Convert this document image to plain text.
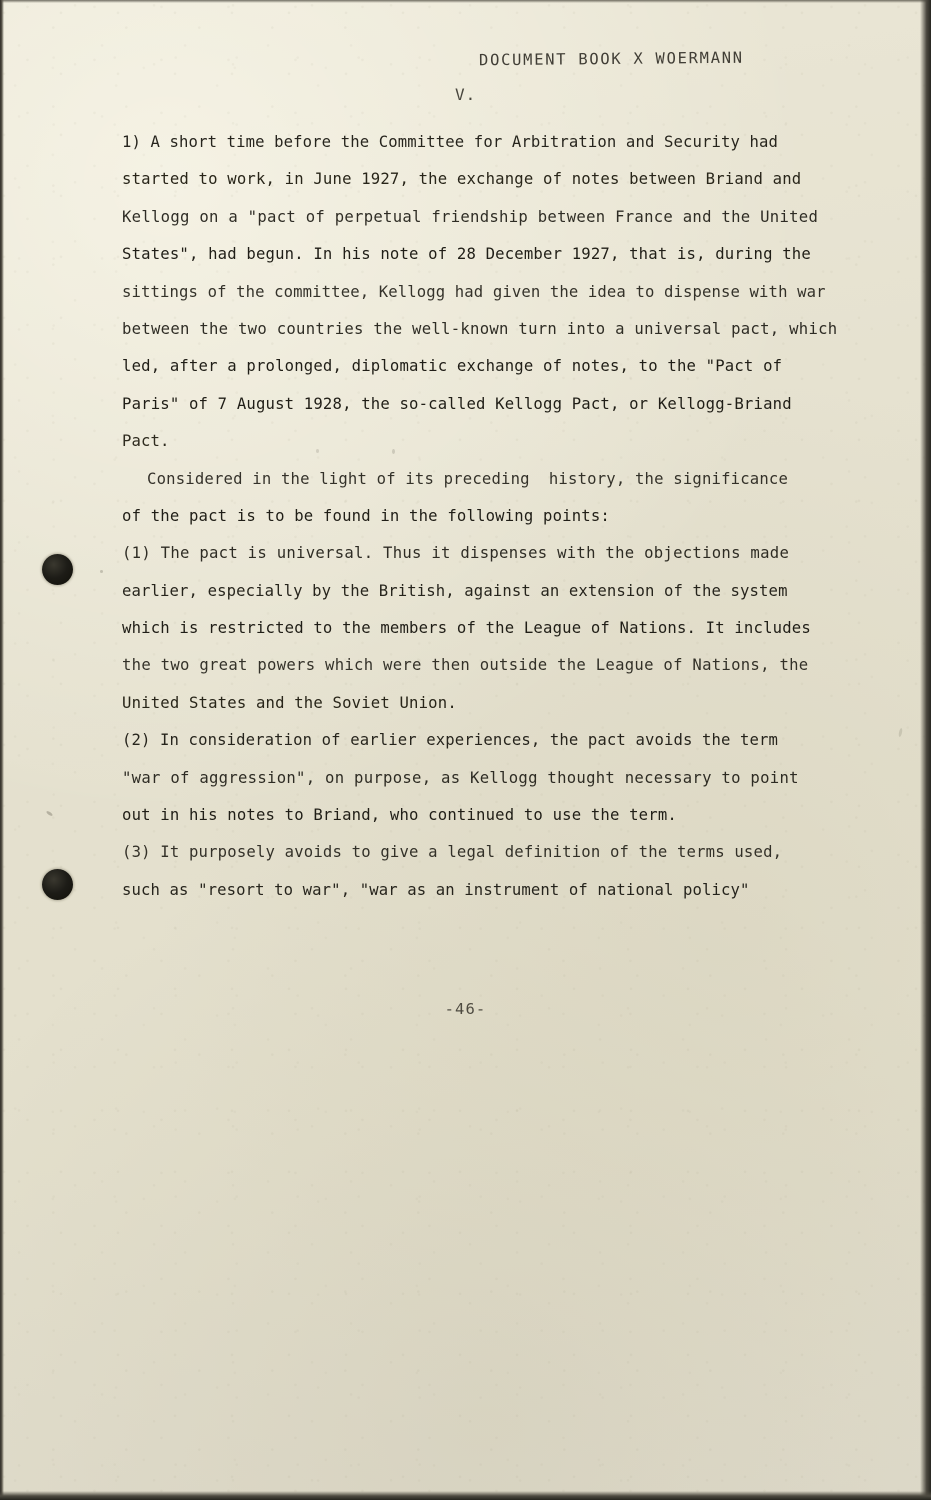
DOCUMENT BOOK X WOERMANN
V.
1) A short time before the Committee for Arbitration and Security had
started to work, in June 1927, the exchange of notes between Briand and
Kellogg on a "pact of perpetual friendship between France and the United
States", had begun. In his note of 28 December 1927, that is, during the
sittings of the committee, Kellogg had given the idea to dispense with war
between the two countries the well-known turn into a universal pact, which
led, after a prolonged, diplomatic exchange of notes, to the "Pact of
Paris" of 7 August 1928, the so-called Kellogg Pact, or Kellogg-Briand
Pact.
Considered in the light of its preceding  history, the significance
of the pact is to be found in the following points:
(1) The pact is universal. Thus it dispenses with the objections made
earlier, especially by the British, against an extension of the system
which is restricted to the members of the League of Nations. It includes
the two great powers which were then outside the League of Nations, the
United States and the Soviet Union.
(2) In consideration of earlier experiences, the pact avoids the term
"war of aggression", on purpose, as Kellogg thought necessary to point
out in his notes to Briand, who continued to use the term.
(3) It purposely avoids to give a legal definition of the terms used,
such as "resort to war", "war as an instrument of national policy"
-46-
